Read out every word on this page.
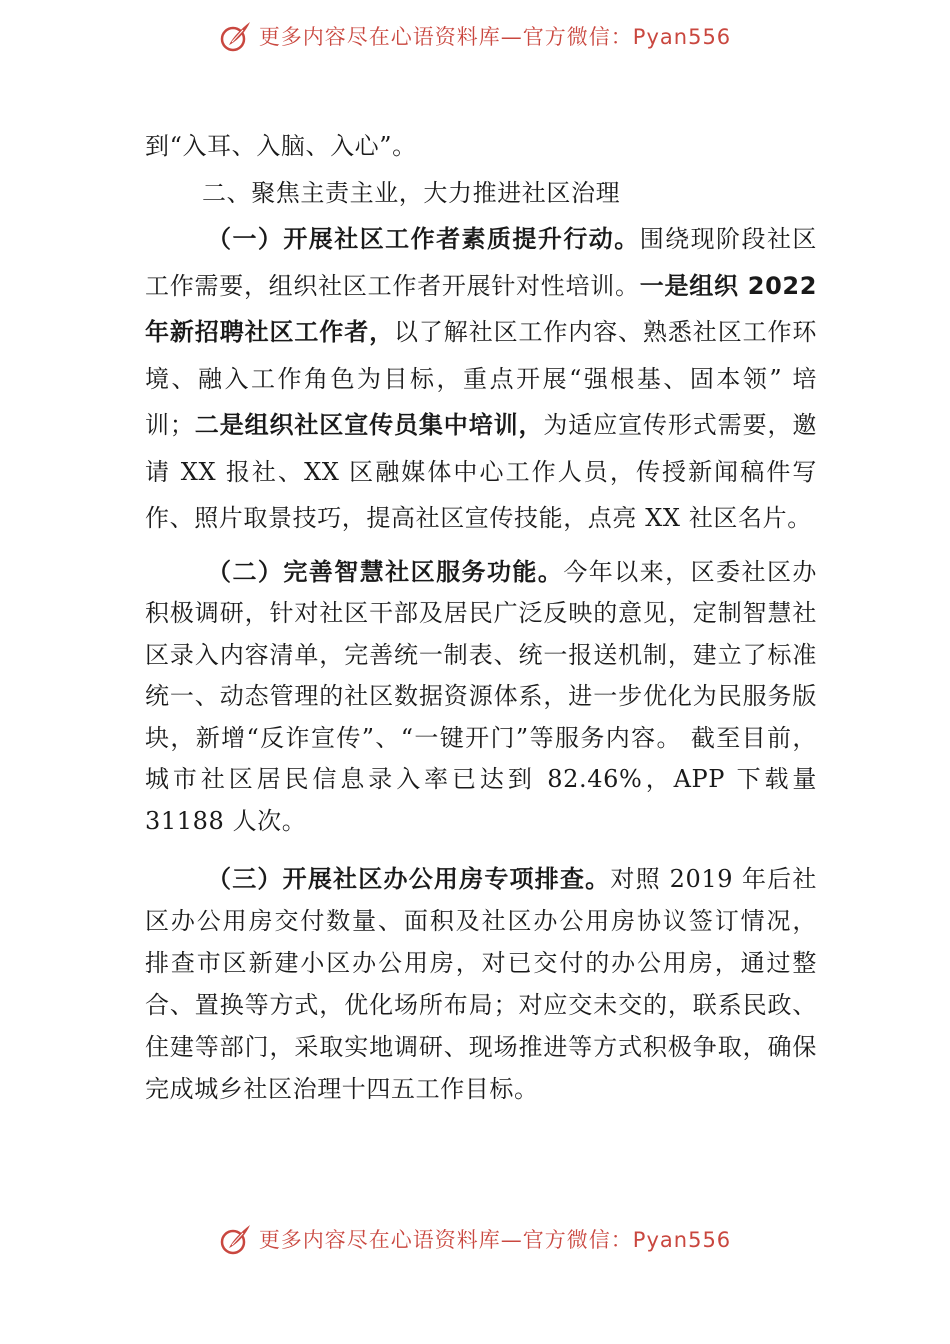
更多内容尽在心语资料库—官方微信：Pyan556

到“入耳、入脑、入心”。

二、聚焦主责主业，大力推进社区治理

（一）开展社区工作者素质提升行动。围绕现阶段社区工作需要，组织社区工作者开展针对性培训。一是组织 2022 年新招聘社区工作者，以了解社区工作内容、熟悉社区工作环境、融入工作角色为目标，重点开展“强根基、固本领” 培训；二是组织社区宣传员集中培训，为适应宣传形式需要，邀请 XX 报社、XX 区融媒体中心工作人员，传授新闻稿件写作、照片取景技巧，提高社区宣传技能，点亮 XX 社区名片。

（二）完善智慧社区服务功能。今年以来，区委社区办积极调研，针对社区干部及居民广泛反映的意见，定制智慧社区录入内容清单，完善统一制表、统一报送机制，建立了标准统一、动态管理的社区数据资源体系，进一步优化为民服务版块，新增“反诈宣传”、“一键开门”等服务内容。 截至目前，城市社区居民信息录入率已达到 82.46%，APP 下载量 31188 人次。

（三）开展社区办公用房专项排查。对照 2019 年后社区办公用房交付数量、面积及社区办公用房协议签订情况， 排查市区新建小区办公用房，对已交付的办公用房，通过整合、置换等方式，优化场所布局；对应交未交的，联系民政、住建等部门，采取实地调研、现场推进等方式积极争取，确保完成城乡社区治理十四五工作目标。

更多内容尽在心语资料库—官方微信：Pyan556
